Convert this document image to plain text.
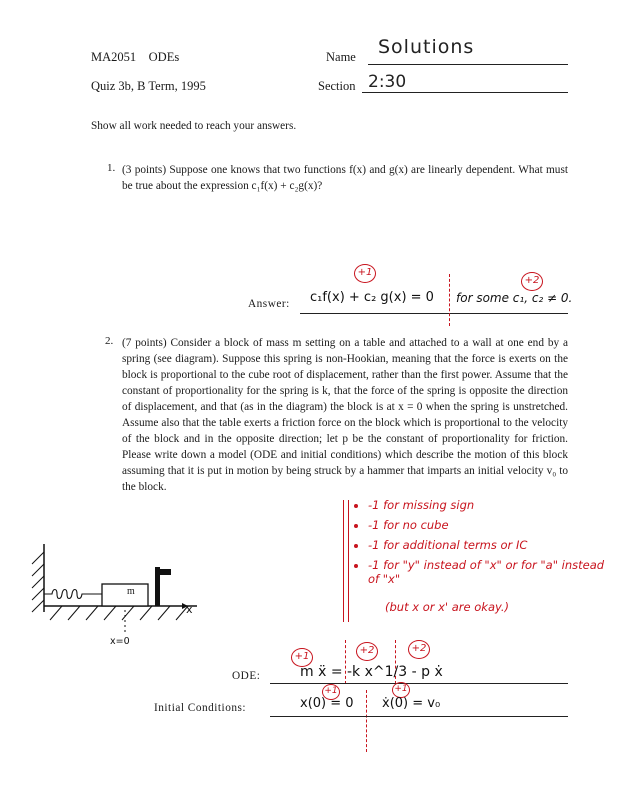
MA2051 ODEs	Name Solutions
Quiz 3b, B Term, 1995	Section 2:30
Show all work needed to reach your answers.
1. (3 points) Suppose one knows that two functions f(x) and g(x) are linearly dependent. What must be true about the expression c₁f(x) + c₂g(x)?
+1
+2
Answer: c₁f(x) + c₂ g(x) = 0 for some c₁, c₂ ≠ 0.
2. (7 points) Consider a block of mass m setting on a table and attached to a wall at one end by a spring (see diagram). Suppose this spring is non-Hookian, meaning that the force is exerts on the block is proportional to the cube root of displacement, rather than the first power. Assume that the constant of proportionality for the spring is k, that the force of the spring is opposite the direction of displacement, and that (as in the diagram) the block is at x = 0 when the spring is unstretched. Assume also that the table exerts a friction force on the block which is proportional to the velocity of the block and in the opposite direction; let p be the constant of proportionality for friction. Please write down a model (ODE and initial conditions) which describe the motion of this block assuming that it is put in motion by being struck by a hammer that imparts an initial velocity v₀ to the block.
• -1 for missing sign
• -1 for no cube
• -1 for additional terms or IC
• -1 for "y" instead of "x" or for "a" instead of "x"
(but x or x' are okay.)
m
x
x=0
+1
+2	+2
ODE:	m ẍ = -k x^1/3 - p ẋ
+1	+1
Initial Conditions:	x(0) = 0 ẋ(0) = v₀
